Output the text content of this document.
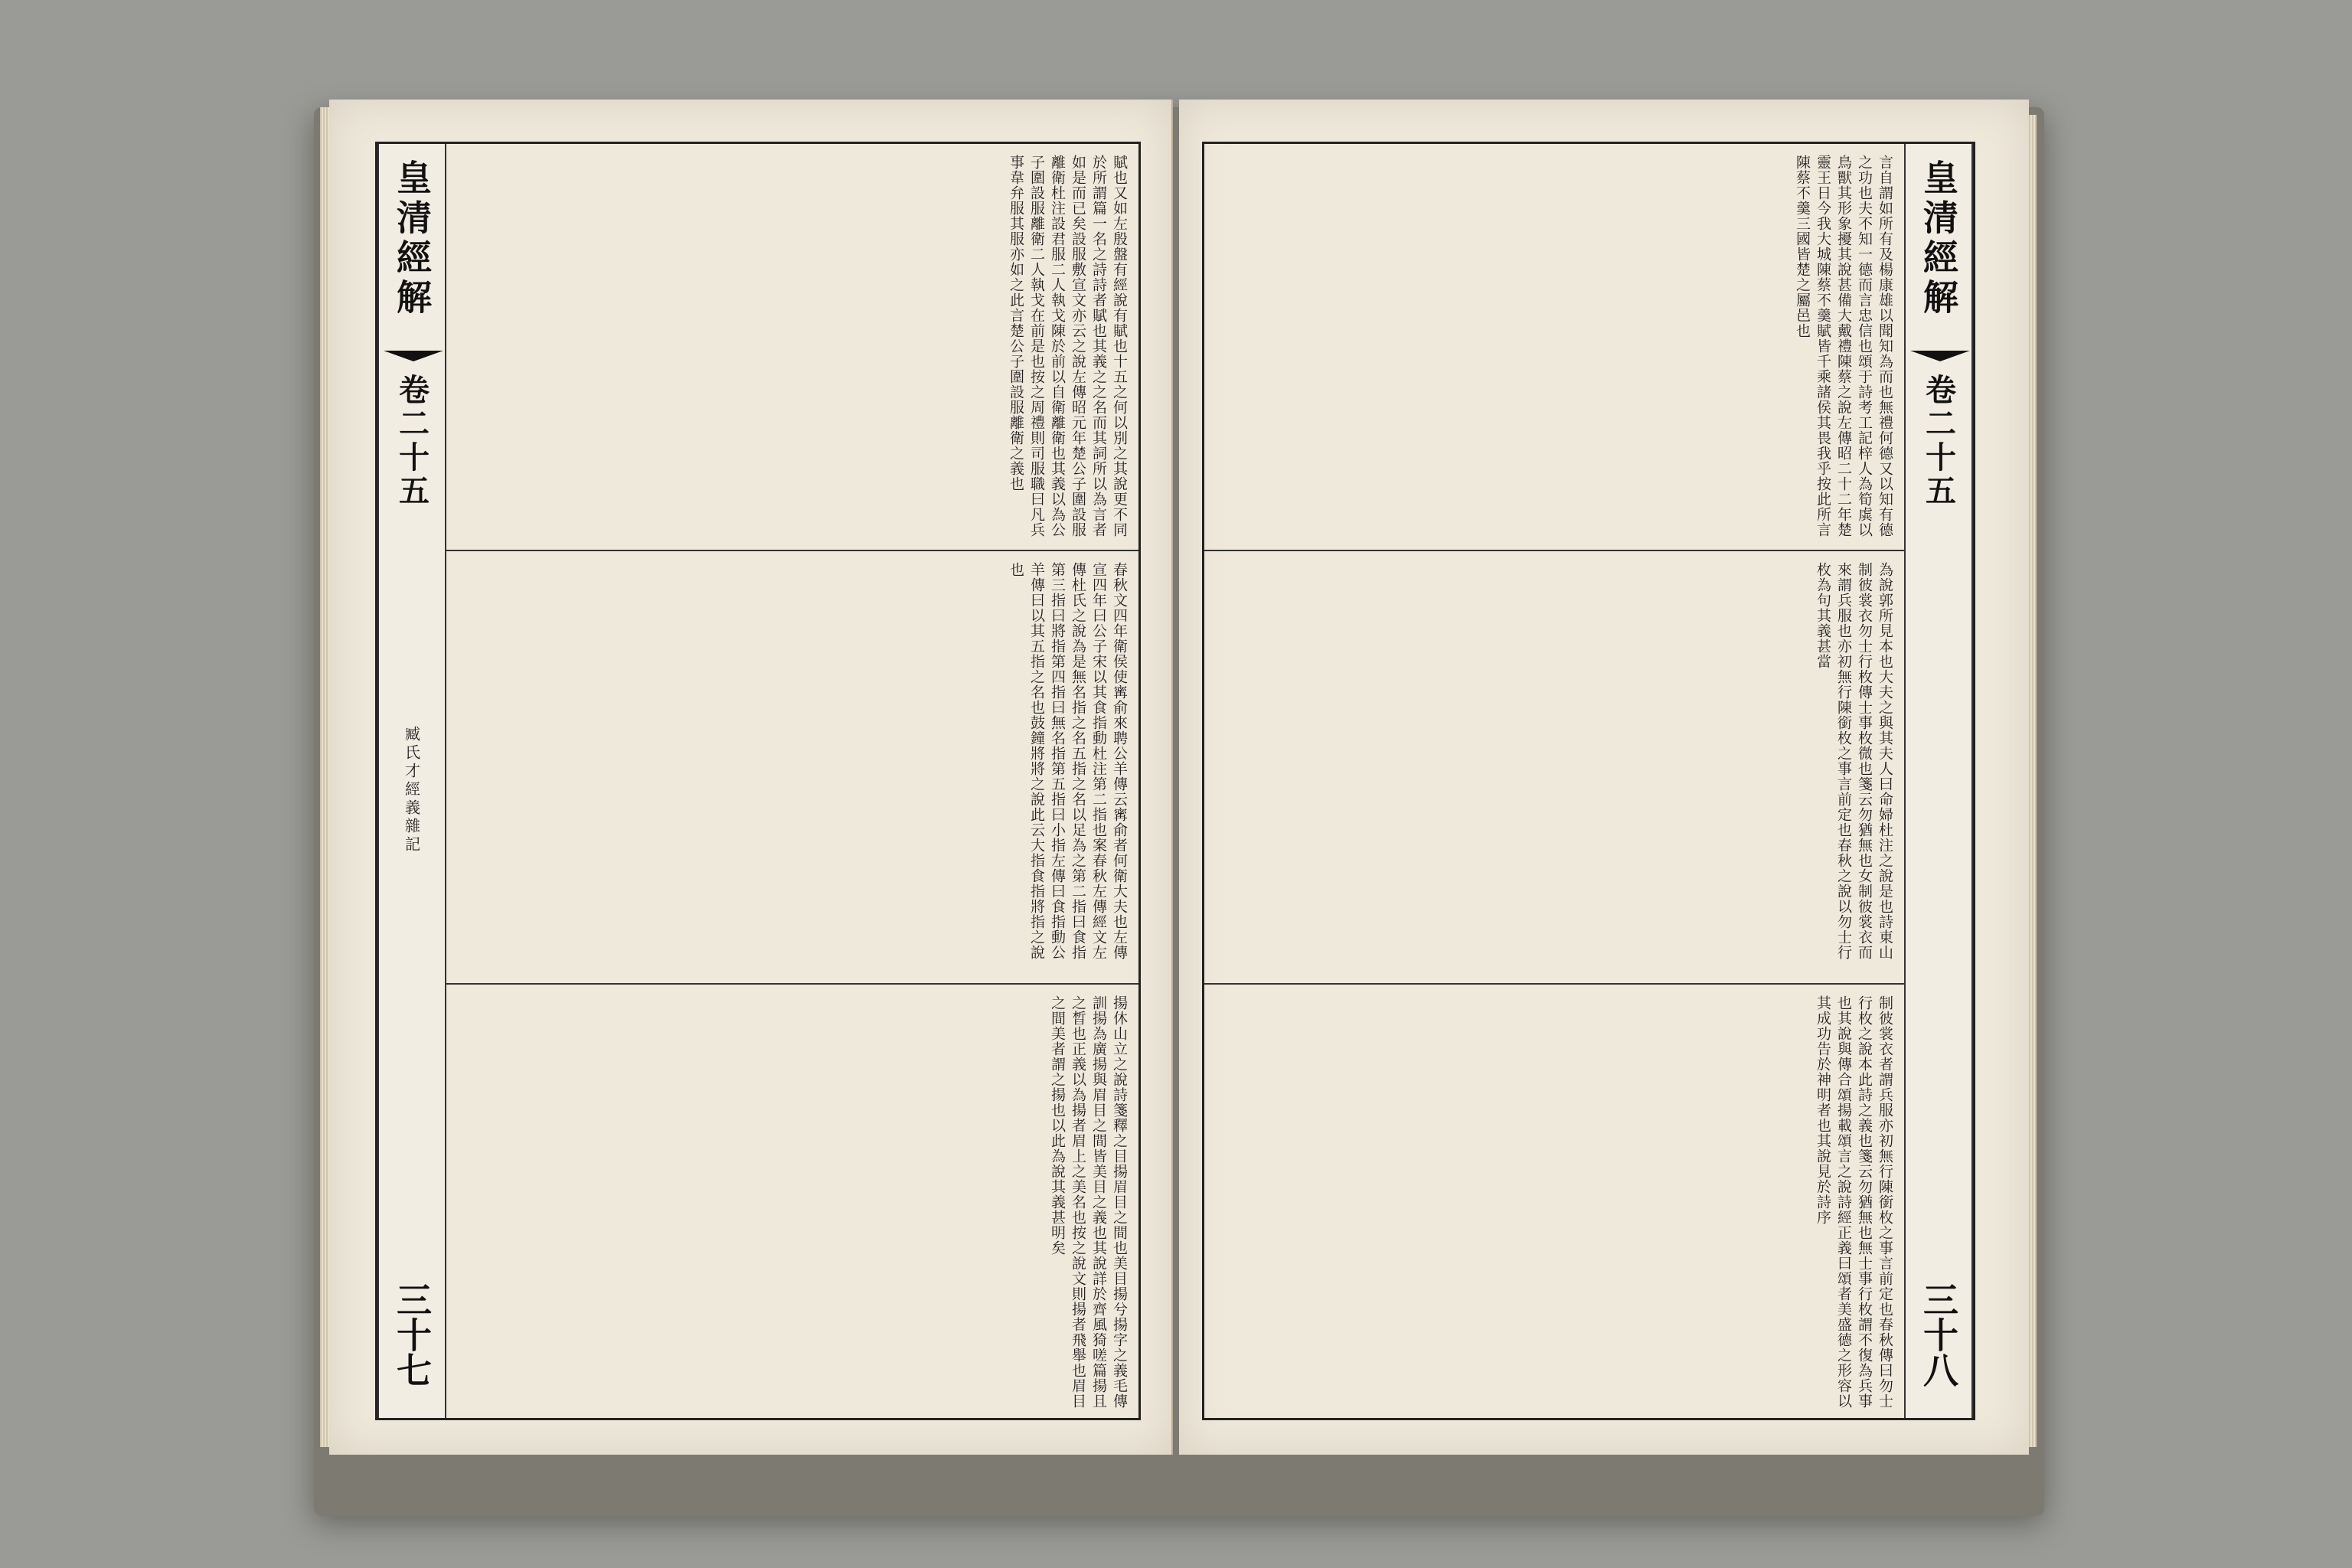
皇清經解
卷二十五
臧氏才經義雜記
三十七
賦也又如左殷盤有經說有賦也十五之何以別之其說更不同於所謂篇一名之詩詩者賦也其義之之名而其詞所以為言者如是而已矣設服敷宣文亦云之說左傳昭元年楚公子圍設服離衛杜注設君服二人執戈陳於前以自衛離衛也其義以為公子圍設服離衛二人執戈在前是也按之周禮則司服職曰凡兵事韋弁服其服亦如之此言楚公子圍設服離衛之義也
春秋文四年衛侯使寗俞來聘公羊傳云寗俞者何衛大夫也左傳宣四年曰公子宋以其食指動杜注第二指也案春秋左傳經文左傳杜氏之說為是無名指之名五指之名以足為之第二指曰食指第三指曰將指第四指曰無名指第五指曰小指左傳曰食指動公羊傳曰以其五指之名也鼓鐘將將之說此云大指食指將指之說也
揚休山立之說詩箋釋之目揚眉目之間也美目揚兮揚字之義毛傳訓揚為廣揚與眉目之間皆美目之義也其說詳於齊風猗嗟篇揚且之晳也正義以為揚者眉上之美名也按之說文則揚者飛舉也眉目之間美者謂之揚也以此為說其義甚明矣
言自謂如所有及楊康雄以聞知為而也無禮何德又以知有德之功也夫不知一德而言忠信也頌于詩考工記梓人為筍虡以鳥獸其形象擾其說甚備大戴禮陳蔡之說左傳昭二十二年楚靈王日今我大城陳蔡不羹賦皆千乘諸侯其畏我乎按此所言陳蔡不羹三國皆楚之屬邑也
為說郭所見本也大夫之與其夫人曰命婦杜注之說是也詩東山制彼裳衣勿士行枚傳士事枚微也箋云勿猶無也女制彼裳衣而來謂兵服也亦初無行陳銜枚之事言前定也春秋之說以勿士行枚為句其義甚當
制彼裳衣者謂兵服亦初無行陳銜枚之事言前定也春秋傳曰勿士行枚之說本此詩之義也箋云勿猶無也無士事行枚謂不復為兵事也其說與傳合頌揚載頌言之說詩經正義曰頌者美盛德之形容以其成功告於神明者也其說見於詩序
皇清經解
卷二十五
三十八
